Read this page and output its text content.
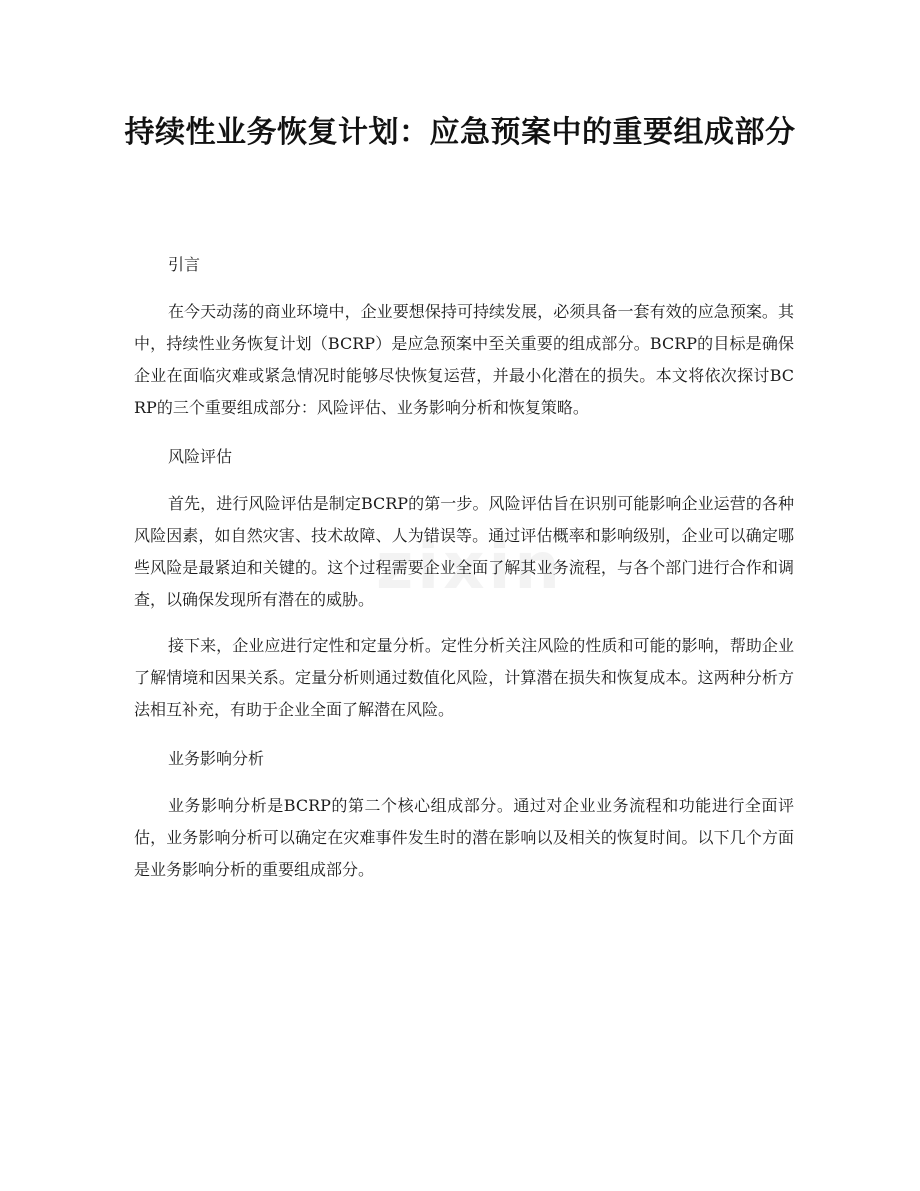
zixin
持续性业务恢复计划：应急预案中的重要组成部分
引言

在今天动荡的商业环境中，企业要想保持可持续发展，必须具备一套有效的应急预案。其中，持续性业务恢复计划（BCRP）是应急预案中至关重要的组成部分。BCRP的目标是确保企业在面临灾难或紧急情况时能够尽快恢复运营，并最小化潜在的损失。本文将依次探讨BCRP的三个重要组成部分：风险评估、业务影响分析和恢复策略。

风险评估

首先，进行风险评估是制定BCRP的第一步。风险评估旨在识别可能影响企业运营的各种风险因素，如自然灾害、技术故障、人为错误等。通过评估概率和影响级别，企业可以确定哪些风险是最紧迫和关键的。这个过程需要企业全面了解其业务流程，与各个部门进行合作和调查，以确保发现所有潜在的威胁。

接下来，企业应进行定性和定量分析。定性分析关注风险的性质和可能的影响，帮助企业了解情境和因果关系。定量分析则通过数值化风险，计算潜在损失和恢复成本。这两种分析方法相互补充，有助于企业全面了解潜在风险。

业务影响分析

业务影响分析是BCRP的第二个核心组成部分。通过对企业业务流程和功能进行全面评估，业务影响分析可以确定在灾难事件发生时的潜在影响以及相关的恢复时间。以下几个方面是业务影响分析的重要组成部分。
